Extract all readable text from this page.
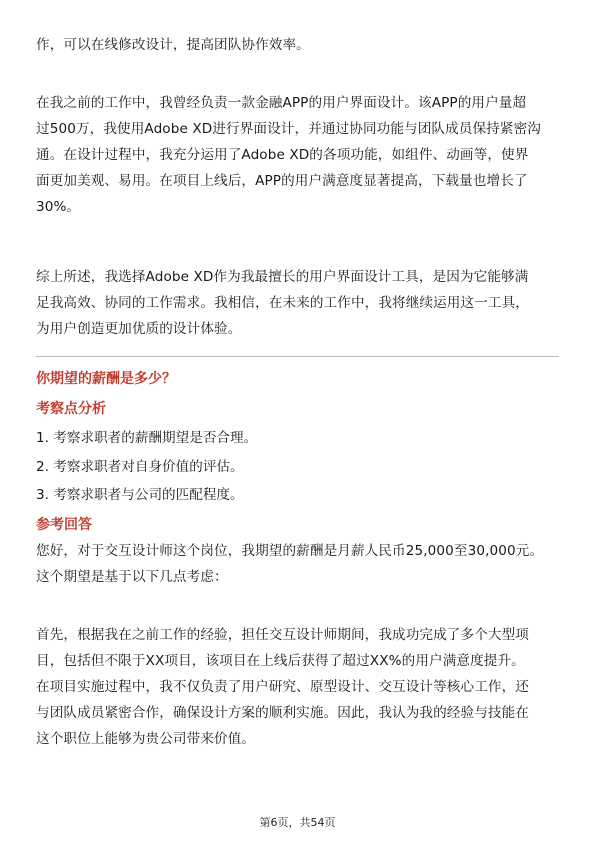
作，可以在线修改设计，提高团队协作效率。

在我之前的工作中，我曾经负责一款金融APP的用户界面设计。该APP的用户量超
过500万，我使用Adobe XD进行界面设计，并通过协同功能与团队成员保持紧密沟
通。在设计过程中，我充分运用了Adobe XD的各项功能，如组件、动画等，使界
面更加美观、易用。在项目上线后，APP的用户满意度显著提高，下载量也增长了
30%。

综上所述，我选择Adobe XD作为我最擅长的用户界面设计工具，是因为它能够满
足我高效、协同的工作需求。我相信，在未来的工作中，我将继续运用这一工具，
为用户创造更加优质的设计体验。

你期望的薪酬是多少？
考察点分析
1. 考察求职者的薪酬期望是否合理。
2. 考察求职者对自身价值的评估。
3. 考察求职者与公司的匹配程度。
参考回答

您好，对于交互设计师这个岗位，我期望的薪酬是月薪人民币25,000至30,000元。
这个期望是基于以下几点考虑：

首先，根据我在之前工作的经验，担任交互设计师期间，我成功完成了多个大型项
目，包括但不限于XX项目，该项目在上线后获得了超过XX%的用户满意度提升。
在项目实施过程中，我不仅负责了用户研究、原型设计、交互设计等核心工作，还
与团队成员紧密合作，确保设计方案的顺利实施。因此，我认为我的经验与技能在
这个职位上能够为贵公司带来价值。

第6页，共54页
